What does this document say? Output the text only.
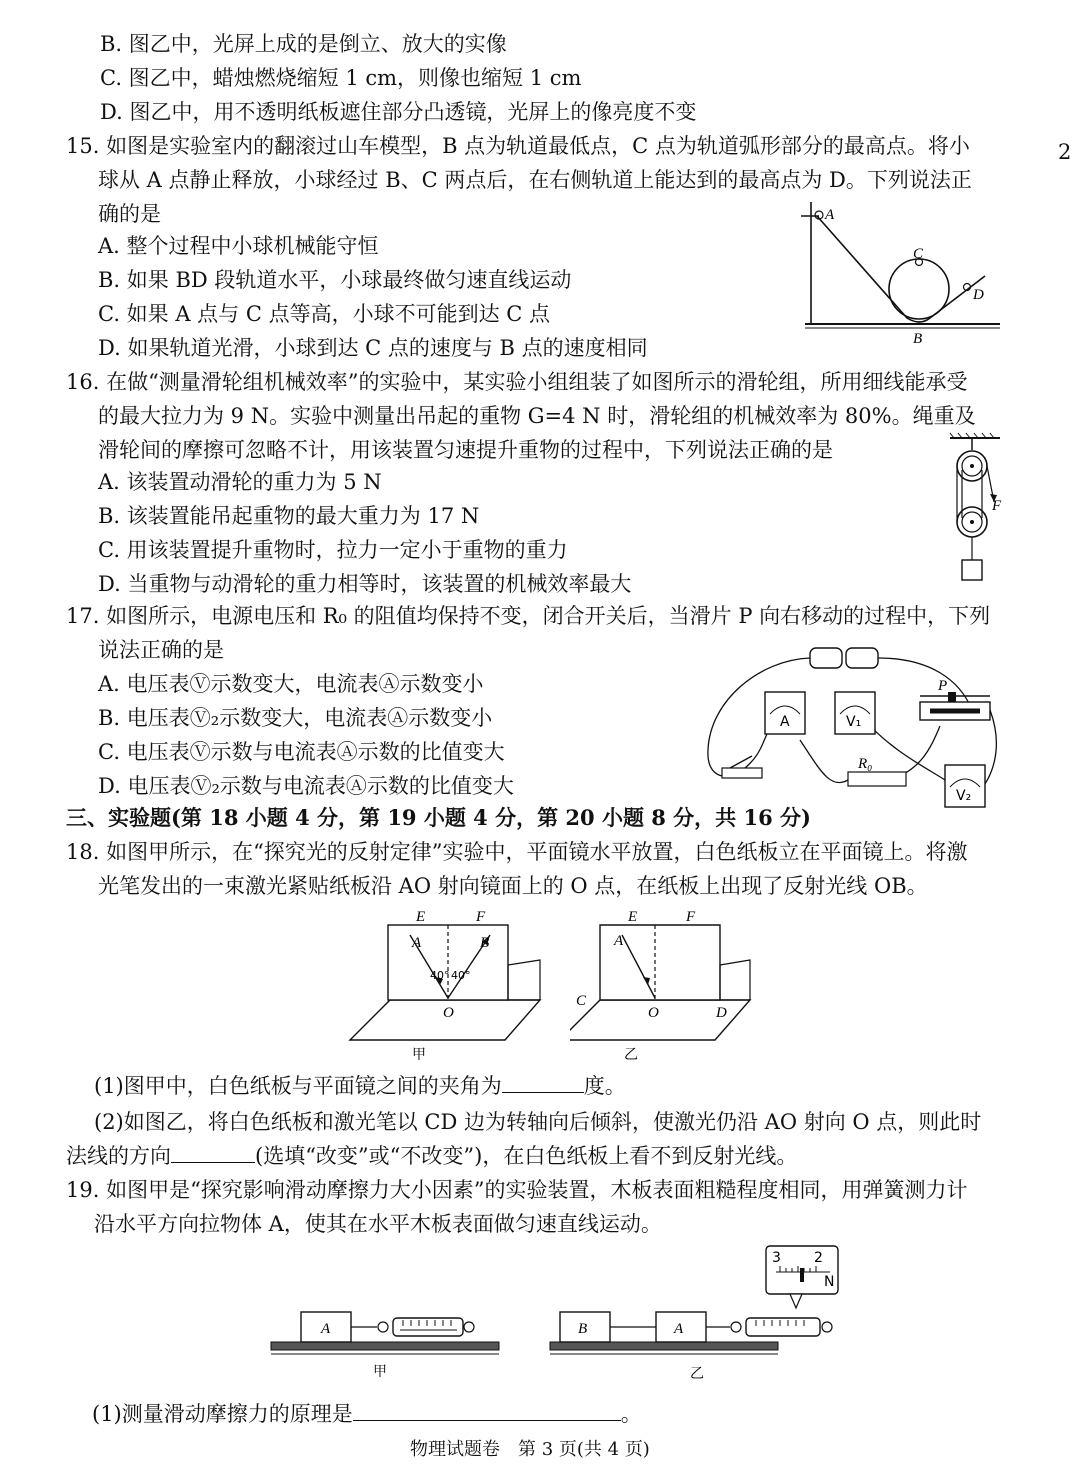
B. 图乙中，光屏上成的是倒立、放大的实像
C. 图乙中，蜡烛燃烧缩短 1 cm，则像也缩短 1 cm
D. 图乙中，用不透明纸板遮住部分凸透镜，光屏上的像亮度不变
2
15. 如图是实验室内的翻滚过山车模型，B 点为轨道最低点，C 点为轨道弧形部分的最高点。将小
球从 A 点静止释放，小球经过 B、C 两点后，在右侧轨道上能达到的最高点为 D。下列说法正
确的是
A. 整个过程中小球机械能守恒
B. 如果 BD 段轨道水平，小球最终做匀速直线运动
C. 如果 A 点与 C 点等高，小球不可能到达 C 点
D. 如果轨道光滑，小球到达 C 点的速度与 B 点的速度相同
A
C
D
B
16. 在做“测量滑轮组机械效率”的实验中，某实验小组组装了如图所示的滑轮组，所用细线能承受
的最大拉力为 9 N。实验中测量出吊起的重物 G=4 N 时，滑轮组的机械效率为 80%。绳重及
滑轮间的摩擦可忽略不计，用该装置匀速提升重物的过程中，下列说法正确的是
A. 该装置动滑轮的重力为 5 N
B. 该装置能吊起重物的最大重力为 17 N
C. 用该装置提升重物时，拉力一定小于重物的重力
D. 当重物与动滑轮的重力相等时，该装置的机械效率最大
F
17. 如图所示，电源电压和 R₀ 的阻值均保持不变，闭合开关后，当滑片 P 向右移动的过程中，下列
说法正确的是
A. 电压表Ⓥ示数变大，电流表Ⓐ示数变小
B. 电压表Ⓥ₂示数变大，电流表Ⓐ示数变小
C. 电压表Ⓥ示数与电流表Ⓐ示数的比值变大
D. 电压表Ⓥ₂示数与电流表Ⓐ示数的比值变大
A	V₁
P
R₀
V₂
三、实验题(第 18 小题 4 分，第 19 小题 4 分，第 20 小题 8 分，共 16 分)
18. 如图甲所示，在“探究光的反射定律”实验中，平面镜水平放置，白色纸板立在平面镜上。将激
光笔发出的一束激光紧贴纸板沿 AO 射向镜面上的 O 点，在纸板上出现了反射光线 OB。
E	F
A	B
40° 40°
O
甲
E	F
A
C
O	D
乙
(1)图甲中，白色纸板与平面镜之间的夹角为	度。
(2)如图乙，将白色纸板和激光笔以 CD 边为转轴向后倾斜，使激光仍沿 AO 射向 O 点，则此时
法线的方向	(选填“改变”或“不改变”)，在白色纸板上看不到反射光线。
19. 如图甲是“探究影响滑动摩擦力大小因素”的实验装置，木板表面粗糙程度相同，用弹簧测力计
沿水平方向拉物体 A，使其在水平木板表面做匀速直线运动。
A
甲
3 2
N
B	A
乙
(1)测量滑动摩擦力的原理是	。
物理试题卷　第 3 页(共 4 页)
